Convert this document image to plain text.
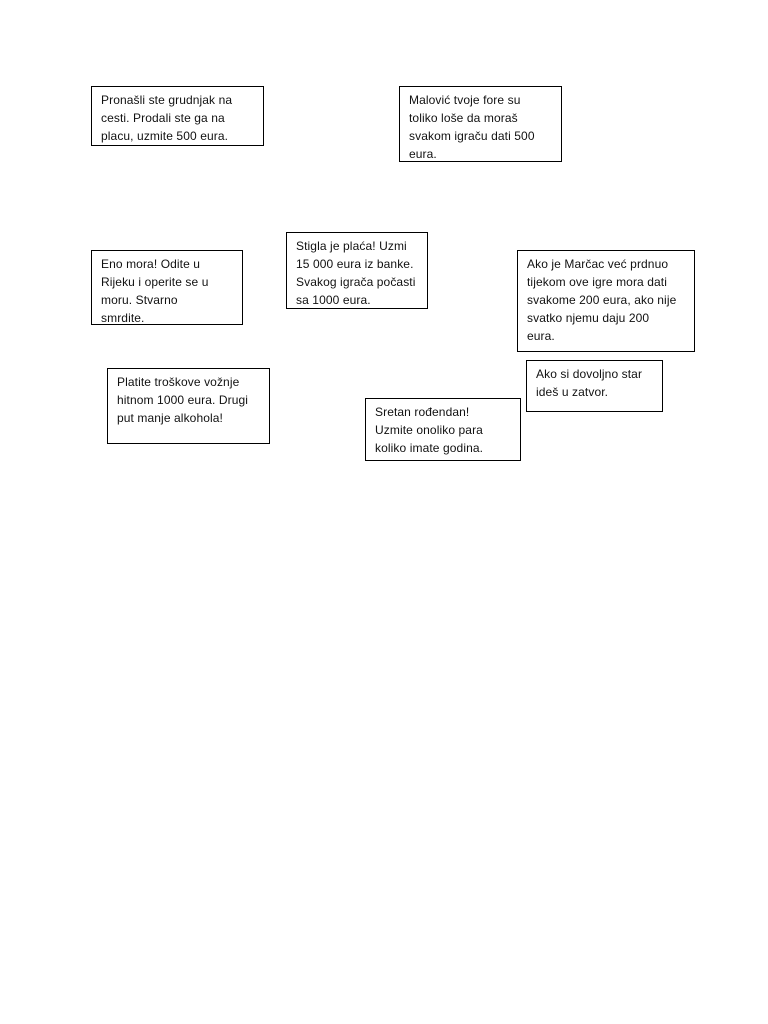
Pronašli ste grudnjak na
cesti. Prodali ste ga na
placu, uzmite 500 eura.
Malović tvoje fore su
toliko loše da moraš
svakom igraču dati 500
eura.
Stigla je plaća! Uzmi
15 000 eura iz banke.
Svakog igrača počasti
sa 1000 eura.
Eno mora! Odite u
Rijeku i operite se u
moru. Stvarno
smrdite.
Ako je Marčac već prdnuo
tijekom ove igre mora dati
svakome 200 eura, ako nije
svatko njemu daju 200
eura.
Platite troškove vožnje
hitnom 1000 eura. Drugi
put manje alkohola!
Ako si dovoljno star
ideš u zatvor.
Sretan rođendan!
Uzmite onoliko para
koliko imate godina.
